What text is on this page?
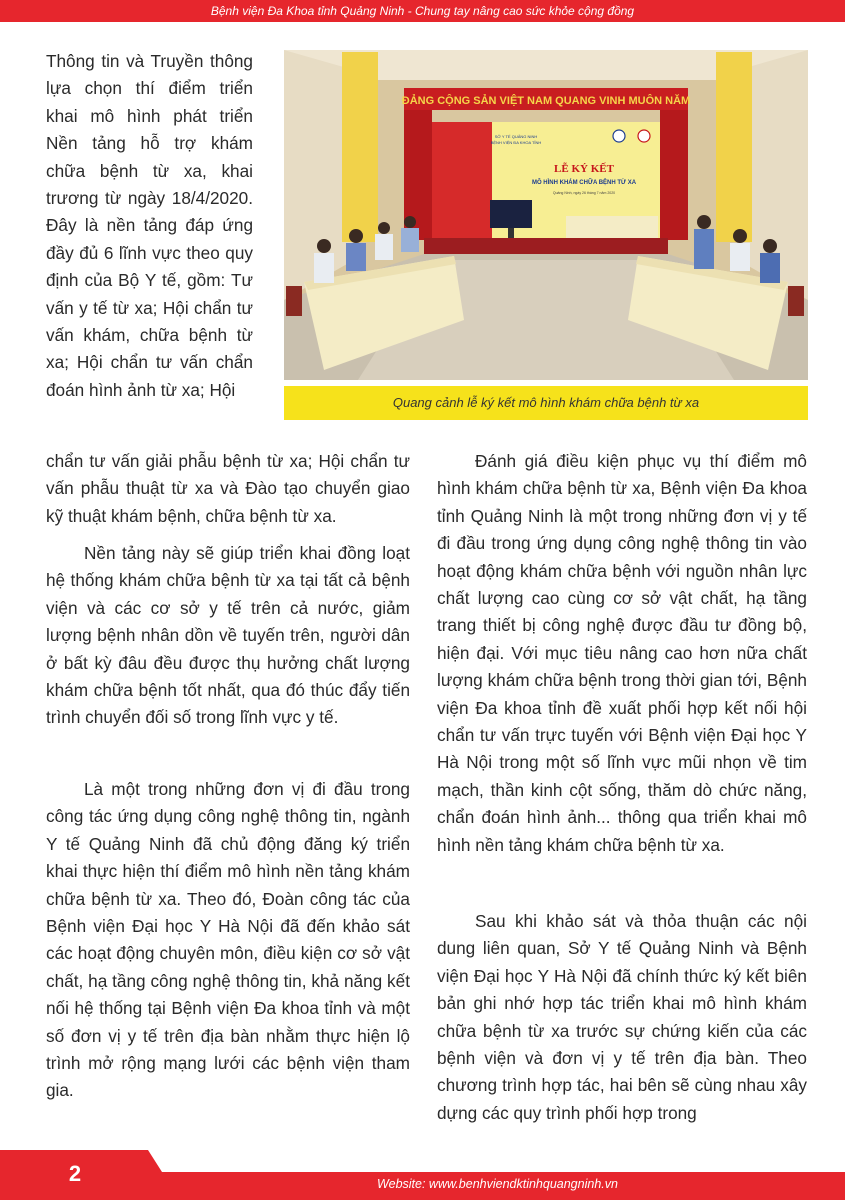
Bệnh viện Đa Khoa tỉnh Quảng Ninh - Chung tay nâng cao sức khỏe cộng đồng

Thông tin và Truyền thông lựa chọn thí điểm triển khai mô hình phát triển Nền tảng hỗ trợ khám chữa bệnh từ xa, khai trương từ ngày 18/4/2020. Đây là nền tảng đáp ứng đầy đủ 6 lĩnh vực theo quy định của Bộ Y tế, gồm: Tư vấn y tế từ xa; Hội chẩn tư vấn khám, chữa bệnh từ xa; Hội chẩn tư vấn chẩn đoán hình ảnh từ xa; Hội

ĐẢNG CỘNG SẢN VIỆT NAM QUANG VINH MUÔN NĂM
LỄ KÝ KẾT
MÔ HÌNH KHÁM CHỮA BỆNH TỪ XA
SỞ Y TẾ QUẢNG NINH
BỆNH VIỆN ĐA KHOA TỈNH
Quảng Ninh, ngày 26 tháng 7 năm 2020
Quang cảnh lễ ký kết mô hình khám chữa bệnh từ xa

chẩn tư vấn giải phẫu bệnh từ xa; Hội chẩn tư vấn phẫu thuật từ xa và Đào tạo chuyển giao kỹ thuật khám bệnh, chữa bệnh từ xa.

Nền tảng này sẽ giúp triển khai đồng loạt hệ thống khám chữa bệnh từ xa tại tất cả bệnh viện và các cơ sở y tế trên cả nước, giảm lượng bệnh nhân dồn về tuyến trên, người dân ở bất kỳ đâu đều được thụ hưởng chất lượng khám chữa bệnh tốt nhất, qua đó thúc đẩy tiến trình chuyển đối số trong lĩnh vực y tế.

Là một trong những đơn vị đi đầu trong công tác ứng dụng công nghệ thông tin, ngành Y tế Quảng Ninh đã chủ động đăng ký triển khai thực hiện thí điểm mô hình nền tảng khám chữa bệnh từ xa. Theo đó, Đoàn công tác của Bệnh viện Đại học Y Hà Nội đã đến khảo sát các hoạt động chuyên môn, điều kiện cơ sở vật chất, hạ tầng công nghệ thông tin, khả năng kết nối hệ thống tại Bệnh viện Đa khoa tỉnh và một số đơn vị y tế trên địa bàn nhằm thực hiện lộ trình mở rộng mạng lưới các bệnh viện tham gia.

Đánh giá điều kiện phục vụ thí điểm mô hình khám chữa bệnh từ xa, Bệnh viện Đa khoa tỉnh Quảng Ninh là một trong những đơn vị y tế đi đầu trong ứng dụng công nghệ thông tin vào hoạt động khám chữa bệnh với nguồn nhân lực chất lượng cao cùng cơ sở vật chất, hạ tầng trang thiết bị công nghệ được đầu tư đồng bộ, hiện đại. Với mục tiêu nâng cao hơn nữa chất lượng khám chữa bệnh trong thời gian tới, Bệnh viện Đa khoa tỉnh đề xuất phối hợp kết nối hội chẩn tư vấn trực tuyến với Bệnh viện Đại học Y Hà Nội trong một số lĩnh vực mũi nhọn về tim mạch, thần kinh cột sống, thăm dò chức năng, chẩn đoán hình ảnh... thông qua triển khai mô hình nền tảng khám chữa bệnh từ xa.

Sau khi khảo sát và thỏa thuận các nội dung liên quan, Sở Y tế Quảng Ninh và Bệnh viện Đại học Y Hà Nội đã chính thức ký kết biên bản ghi nhớ hợp tác triển khai mô hình khám chữa bệnh từ xa trước sự chứng kiến của các bệnh viện và đơn vị y tế trên địa bàn. Theo chương trình hợp tác, hai bên sẽ cùng nhau xây dựng các quy trình phối hợp trong

2	Website: www.benhviendktinhquangninh.vn
